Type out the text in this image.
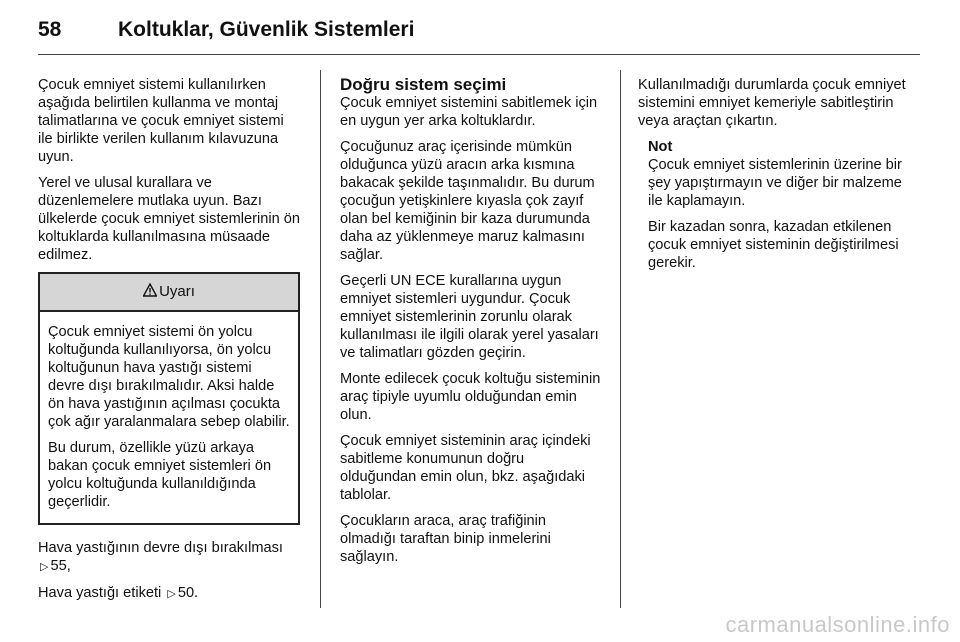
58	Koltuklar, Güvenlik Sistemleri

Çocuk emniyet sistemi kullanılırken aşağıda belirtilen kullanma ve montaj talimatlarına ve çocuk emniyet sistemi ile birlikte verilen kullanım kılavuzuna uyun.

Yerel ve ulusal kurallara ve düzenlemelere mutlaka uyun. Bazı ülkelerde çocuk emniyet sistemlerinin ön koltuklarda kullanılmasına müsaade edilmez.

Uyarı

Çocuk emniyet sistemi ön yolcu koltuğunda kullanılıyorsa, ön yolcu koltuğunun hava yastığı sistemi devre dışı bırakılmalıdır. Aksi halde ön hava yastığının açılması çocukta çok ağır yaralanmalara sebep olabilir.

Bu durum, özellikle yüzü arkaya bakan çocuk emniyet sistemleri ön yolcu koltuğunda kullanıldığında geçerlidir.

Hava yastığının devre dışı bırakılması ▷ 55,

Hava yastığı etiketi ▷ 50.

Doğru sistem seçimi

Çocuk emniyet sistemini sabitlemek için en uygun yer arka koltuklardır.

Çocuğunuz araç içerisinde mümkün olduğunca yüzü aracın arka kısmına bakacak şekilde taşınmalıdır. Bu durum çocuğun yetişkinlere kıyasla çok zayıf olan bel kemiğinin bir kaza durumunda daha az yüklenmeye maruz kalmasını sağlar.

Geçerli UN ECE kurallarına uygun emniyet sistemleri uygundur. Çocuk emniyet sistemlerinin zorunlu olarak kullanılması ile ilgili olarak yerel yasaları ve talimatları gözden geçirin.

Monte edilecek çocuk koltuğu sisteminin araç tipiyle uyumlu olduğundan emin olun.

Çocuk emniyet sisteminin araç içindeki sabitleme konumunun doğru olduğundan emin olun, bkz. aşağıdaki tablolar.

Çocukların araca, araç trafiğinin olmadığı taraftan binip inmelerini sağlayın.

Kullanılmadığı durumlarda çocuk emniyet sistemini emniyet kemeriyle sabitleştirin veya araçtan çıkartın.

Not

Çocuk emniyet sistemlerinin üzerine bir şey yapıştırmayın ve diğer bir malzeme ile kaplamayın.

Bir kazadan sonra, kazadan etkilenen çocuk emniyet sisteminin değiştirilmesi gerekir.

carmanualsonline.info
